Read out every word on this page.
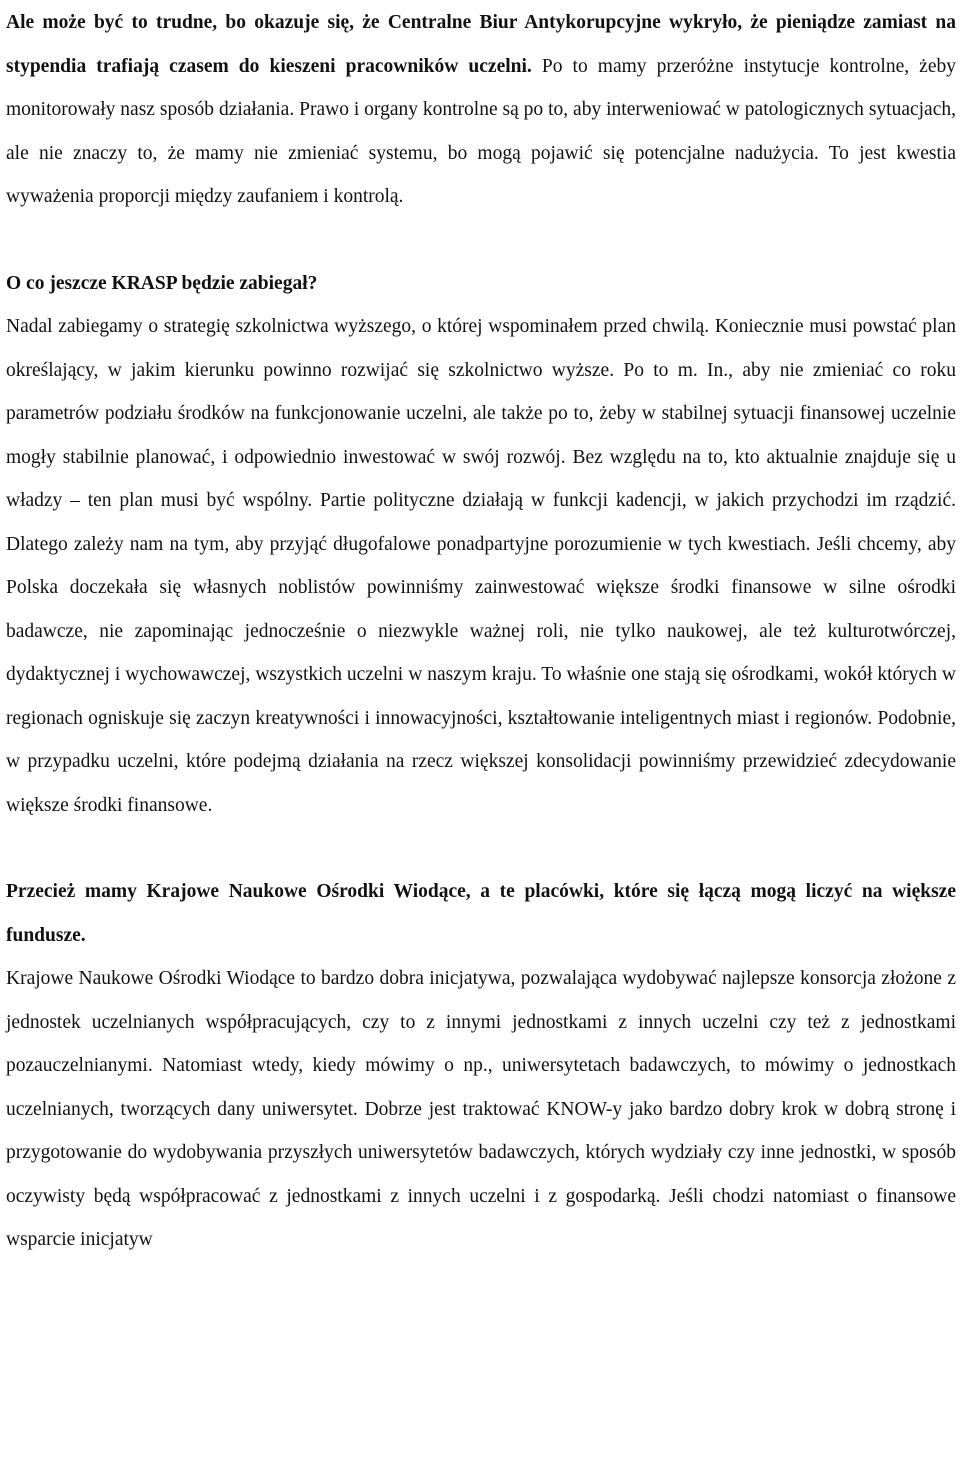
Ale może być to trudne, bo okazuje się, że Centralne Biur Antykorupcyjne wykryło, że pieniądze zamiast na stypendia trafiają czasem do kieszeni pracowników uczelni. Po to mamy przeróżne instytucje kontrolne, żeby monitorowały nasz sposób działania. Prawo i organy kontrolne są po to, aby interweniować w patologicznych sytuacjach, ale nie znaczy to, że mamy nie zmieniać systemu, bo mogą pojawić się potencjalne nadużycia. To jest kwestia wyważenia proporcji między zaufaniem i kontrolą.

O co jeszcze KRASP będzie zabiegał?

Nadal zabiegamy o strategię szkolnictwa wyższego, o której wspominałem przed chwilą. Koniecznie musi powstać plan określający, w jakim kierunku powinno rozwijać się szkolnictwo wyższe. Po to m. In., aby nie zmieniać co roku parametrów podziału środków na funkcjonowanie uczelni, ale także po to, żeby w stabilnej sytuacji finansowej uczelnie mogły stabilnie planować, i odpowiednio inwestować w swój rozwój. Bez względu na to, kto aktualnie znajduje się u władzy – ten plan musi być wspólny. Partie polityczne działają w funkcji kadencji, w jakich przychodzi im rządzić. Dlatego zależy nam na tym, aby przyjąć długofalowe ponadpartyjne porozumienie w tych kwestiach. Jeśli chcemy, aby Polska doczekała się własnych noblistów powinniśmy zainwestować większe środki finansowe w silne ośrodki badawcze, nie zapominając jednocześnie o niezwykle ważnej roli, nie tylko naukowej, ale też kulturotwórczej, dydaktycznej i wychowawczej, wszystkich uczelni w naszym kraju. To właśnie one stają się ośrodkami, wokół których w regionach ogniskuje się zaczyn kreatywności i innowacyjności, kształtowanie inteligentnych miast i regionów. Podobnie, w przypadku uczelni, które podejmą działania na rzecz większej konsolidacji powinniśmy przewidzieć zdecydowanie większe środki finansowe.

Przecież mamy Krajowe Naukowe Ośrodki Wiodące, a te placówki, które się łączą mogą liczyć na większe fundusze.

Krajowe Naukowe Ośrodki Wiodące to bardzo dobra inicjatywa, pozwalająca wydobywać najlepsze konsorcja złożone z jednostek uczelnianych współpracujących, czy to z innymi jednostkami z innych uczelni czy też z jednostkami pozauczelnianymi. Natomiast wtedy, kiedy mówimy o np., uniwersytetach badawczych, to mówimy o jednostkach uczelnianych, tworzących dany uniwersytet. Dobrze jest traktować KNOW-y jako bardzo dobry krok w dobrą stronę i przygotowanie do wydobywania przyszłych uniwersytetów badawczych, których wydziały czy inne jednostki, w sposób oczywisty będą współpracować z jednostkami z innych uczelni i z gospodarką. Jeśli chodzi natomiast o finansowe wsparcie inicjatyw
